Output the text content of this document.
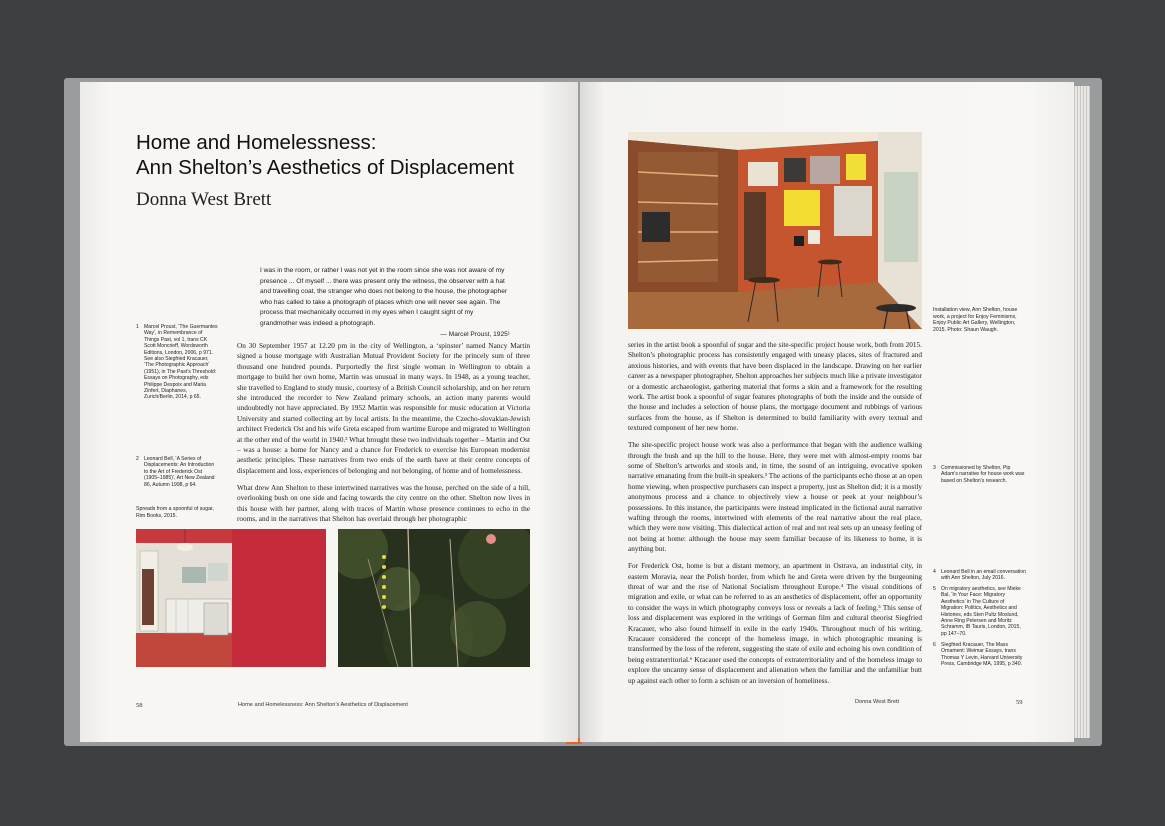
Home and Homelessness:
Ann Shelton’s Aesthetics of Displacement
Donna West Brett
I was in the room, or rather I was not yet in the room since she was not aware of my presence ... Of myself ... there was present only the witness, the observer with a hat and travelling coat, the stranger who does not belong to the house, the photographer who has called to take a photograph of places which one will never see again. The process that mechanically occurred in my eyes when I caught sight of my grandmother was indeed a photograph.
— Marcel Proust, 1925¹
1 Marcel Proust, ‘The Guermantes Way’, in Remembrance of Things Past, vol 1, trans CK Scott Moncrieff, Wordsworth Editions, London, 2006, p 971. See also Siegfried Kracauer, ‘The Photographic Approach’ (1951), in The Past’s Threshold: Essays on Photography, eds Philippe Despoix and Maria Zinfert, Diaphanes, Zurich/Berlin, 2014, p 65.
2 Leonard Bell, ‘A Series of Displacements: An Introduction to the Art of Frederick Ost (1905–1985)’, Art New Zealand 86, Autumn 1998, p 64.
Spreads from a spoonful of sugar, Rim Books, 2015.

On 30 September 1957 at 12.20 pm in the city of Wellington, a ‘spinster’ named Nancy Martin signed a house mortgage with Australian Mutual Provident Society for the princely sum of three thousand one hundred pounds. Purportedly the first single woman in Wellington to obtain a mortgage to build her own home, Martin was unusual in many ways. In 1948, as a young teacher, she travelled to England to study music, courtesy of a British Council scholarship, and on her return she introduced the recorder to New Zealand primary schools, an action many parents would undoubtedly not have appreciated. By 1952 Martin was responsible for music education at Victoria University and started collecting art by local artists. In the meantime, the Czecho-slovakian-Jewish architect Frederick Ost and his wife Greta escaped from wartime Europe and migrated to Wellington at the other end of the world in 1940.² What brought these two individuals together – Martin and Ost – was a house: a home for Nancy and a chance for Frederick to exercise his European modernist aesthetic principles. These narratives from two ends of the earth have at their centre concepts of displacement and loss, experiences of belonging and not belonging, of home and of homelessness.

What drew Ann Shelton to these intertwined narratives was the house, perched on the side of a hill, overlooking bush on one side and facing towards the city centre on the other. Shelton now lives in this house with her partner, along with traces of Martin whose presence continues to echo in the rooms, and in the narratives that Shelton has overlaid through her photographic

58	Home and Homelessness: Ann Shelton’s Aesthetics of Displacement
Installation view, Ann Shelton, house work, a project for Enjoy Feminisms, Enjoy Public Art Gallery, Wellington, 2015. Photo: Shaun Waugh.

series in the artist book a spoonful of sugar and the site-specific project house work, both from 2015. Shelton’s photographic process has consistently engaged with uneasy places, sites of fractured and anxious histories, and with events that have been displaced in the landscape. Drawing on her earlier career as a newspaper photographer, Shelton approaches her subjects much like a private investigator or a domestic archaeologist, gathering material that forms a skin and a framework for the resulting work. The artist book a spoonful of sugar features photographs of both the inside and the outside of the house and includes a selection of house plans, the mortgage document and rubbings of various surfaces from the house, as if Shelton is determined to build familiarity with every textual and textured component of her new home.

The site-specific project house work was also a performance that began with the audience walking through the bush and up the hill to the house. Here, they were met with almost-empty rooms bar some of Shelton’s artworks and stools and, in time, the sound of an intriguing, evocative spoken narrative emanating from the built-in speakers.³ The actions of the participants echo those at an open home viewing, when prospective purchasers can inspect a property, just as Shelton did; it is a mostly anonymous process and a chance to objectively view a house or peek at your neighbour’s possessions. In this instance, the participants were instead implicated in the fictional aural narrative wafting through the rooms, intertwined with elements of the real narrative about the real place, which they were now visiting. This dialectical action of real and not real sets up an uneasy feeling of not being at home: although the house may seem familiar because of its likeness to home, it is anything but.

For Frederick Ost, home is but a distant memory, an apartment in Ostrava, an industrial city, in eastern Moravia, near the Polish border, from which he and Greta were driven by the burgeoning threat of war and the rise of National Socialism throughout Europe.⁴ The visual conditions of migration and exile, or what can be referred to as an aesthetics of displacement, offer an opportunity to consider the ways in which photography conveys loss or reveals a lack of feeling.⁵ This sense of loss and displacement was explored in the writings of German film and cultural theorist Siegfried Kracauer, who also found himself in exile in the early 1940s. Throughout much of his writing, Kracauer considered the concept of the homeless image, in which photographic meaning is transformed by the loss of the referent, suggesting the state of exile and echoing his own condition of being extraterritorial.⁶ Kracauer used the concepts of extraterritoriality and of the homeless image to explore the uncanny sense of displacement and alienation when the familiar and the unfamiliar butt up against each other to form a schism or an inversion of homeliness.

3 Commissioned by Shelton, Pip Adam’s narrative for house work was based on Shelton’s research.
4 Leonard Bell in an email conversation with Ann Shelton, July 2016.
5 On migratory aesthetics, see Mieke Bal, ‘In Your Face: Migratory Aesthetics’ in The Culture of Migration: Politics, Aesthetics and Histories, eds Sten Pultz Moslund, Anne Ring Petersen and Moritz Schramm, IB Tauris, London, 2015, pp 147–70.
6 Siegfried Kracauer, The Mass Ornament: Weimar Essays, trans Thomas Y Levin, Harvard University Press, Cambridge MA, 1995, p 340.
Donna West Brett	59
